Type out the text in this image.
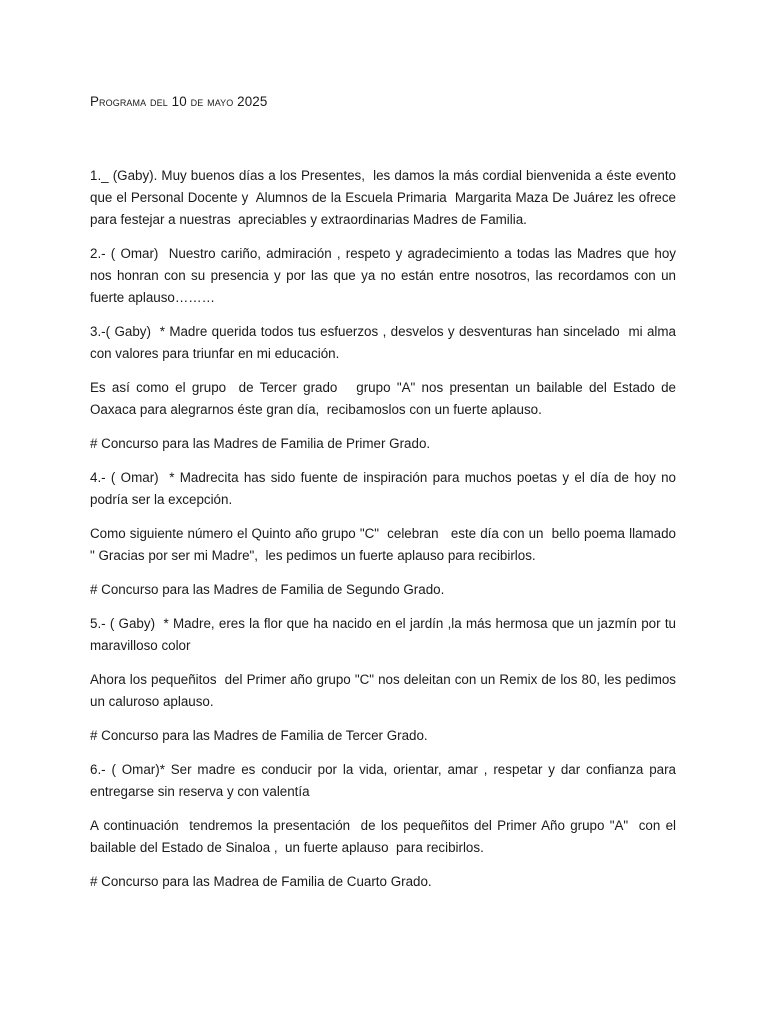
Programa del 10 de mayo 2025

1._ (Gaby). Muy buenos días a los Presentes,  les damos la más cordial bienvenida a éste evento que el Personal Docente y  Alumnos de la Escuela Primaria  Margarita Maza De Juárez les ofrece para festejar a nuestras  apreciables y extraordinarias Madres de Familia.

2.- ( Omar)  Nuestro cariño, admiración , respeto y agradecimiento a todas las Madres que hoy nos honran con su presencia y por las que ya no están entre nosotros, las recordamos con un fuerte aplauso………

3.-( Gaby)  * Madre querida todos tus esfuerzos , desvelos y desventuras han sincelado  mi alma con valores para triunfar en mi educación.

Es así como el grupo  de Tercer grado   grupo "A" nos presentan un bailable del Estado de Oaxaca para alegrarnos éste gran día,  recibamoslos con un fuerte aplauso.

# Concurso para las Madres de Familia de Primer Grado.

4.- ( Omar)  * Madrecita has sido fuente de inspiración para muchos poetas y el día de hoy no podría ser la excepción.

Como siguiente número el Quinto año grupo "C"  celebran   este día con un  bello poema llamado " Gracias por ser mi Madre",  les pedimos un fuerte aplauso para recibirlos.

# Concurso para las Madres de Familia de Segundo Grado.

5.- ( Gaby)  * Madre, eres la flor que ha nacido en el jardín ,la más hermosa que un jazmín por tu maravilloso color

Ahora los pequeñitos  del Primer año grupo "C" nos deleitan con un Remix de los 80, les pedimos un caluroso aplauso.

# Concurso para las Madres de Familia de Tercer Grado.

6.- ( Omar)* Ser madre es conducir por la vida, orientar, amar , respetar y dar confianza para entregarse sin reserva y con valentía

A continuación  tendremos la presentación  de los pequeñitos del Primer Año grupo "A"  con el bailable del Estado de Sinaloa ,  un fuerte aplauso  para recibirlos.

# Concurso para las Madrea de Familia de Cuarto Grado.
